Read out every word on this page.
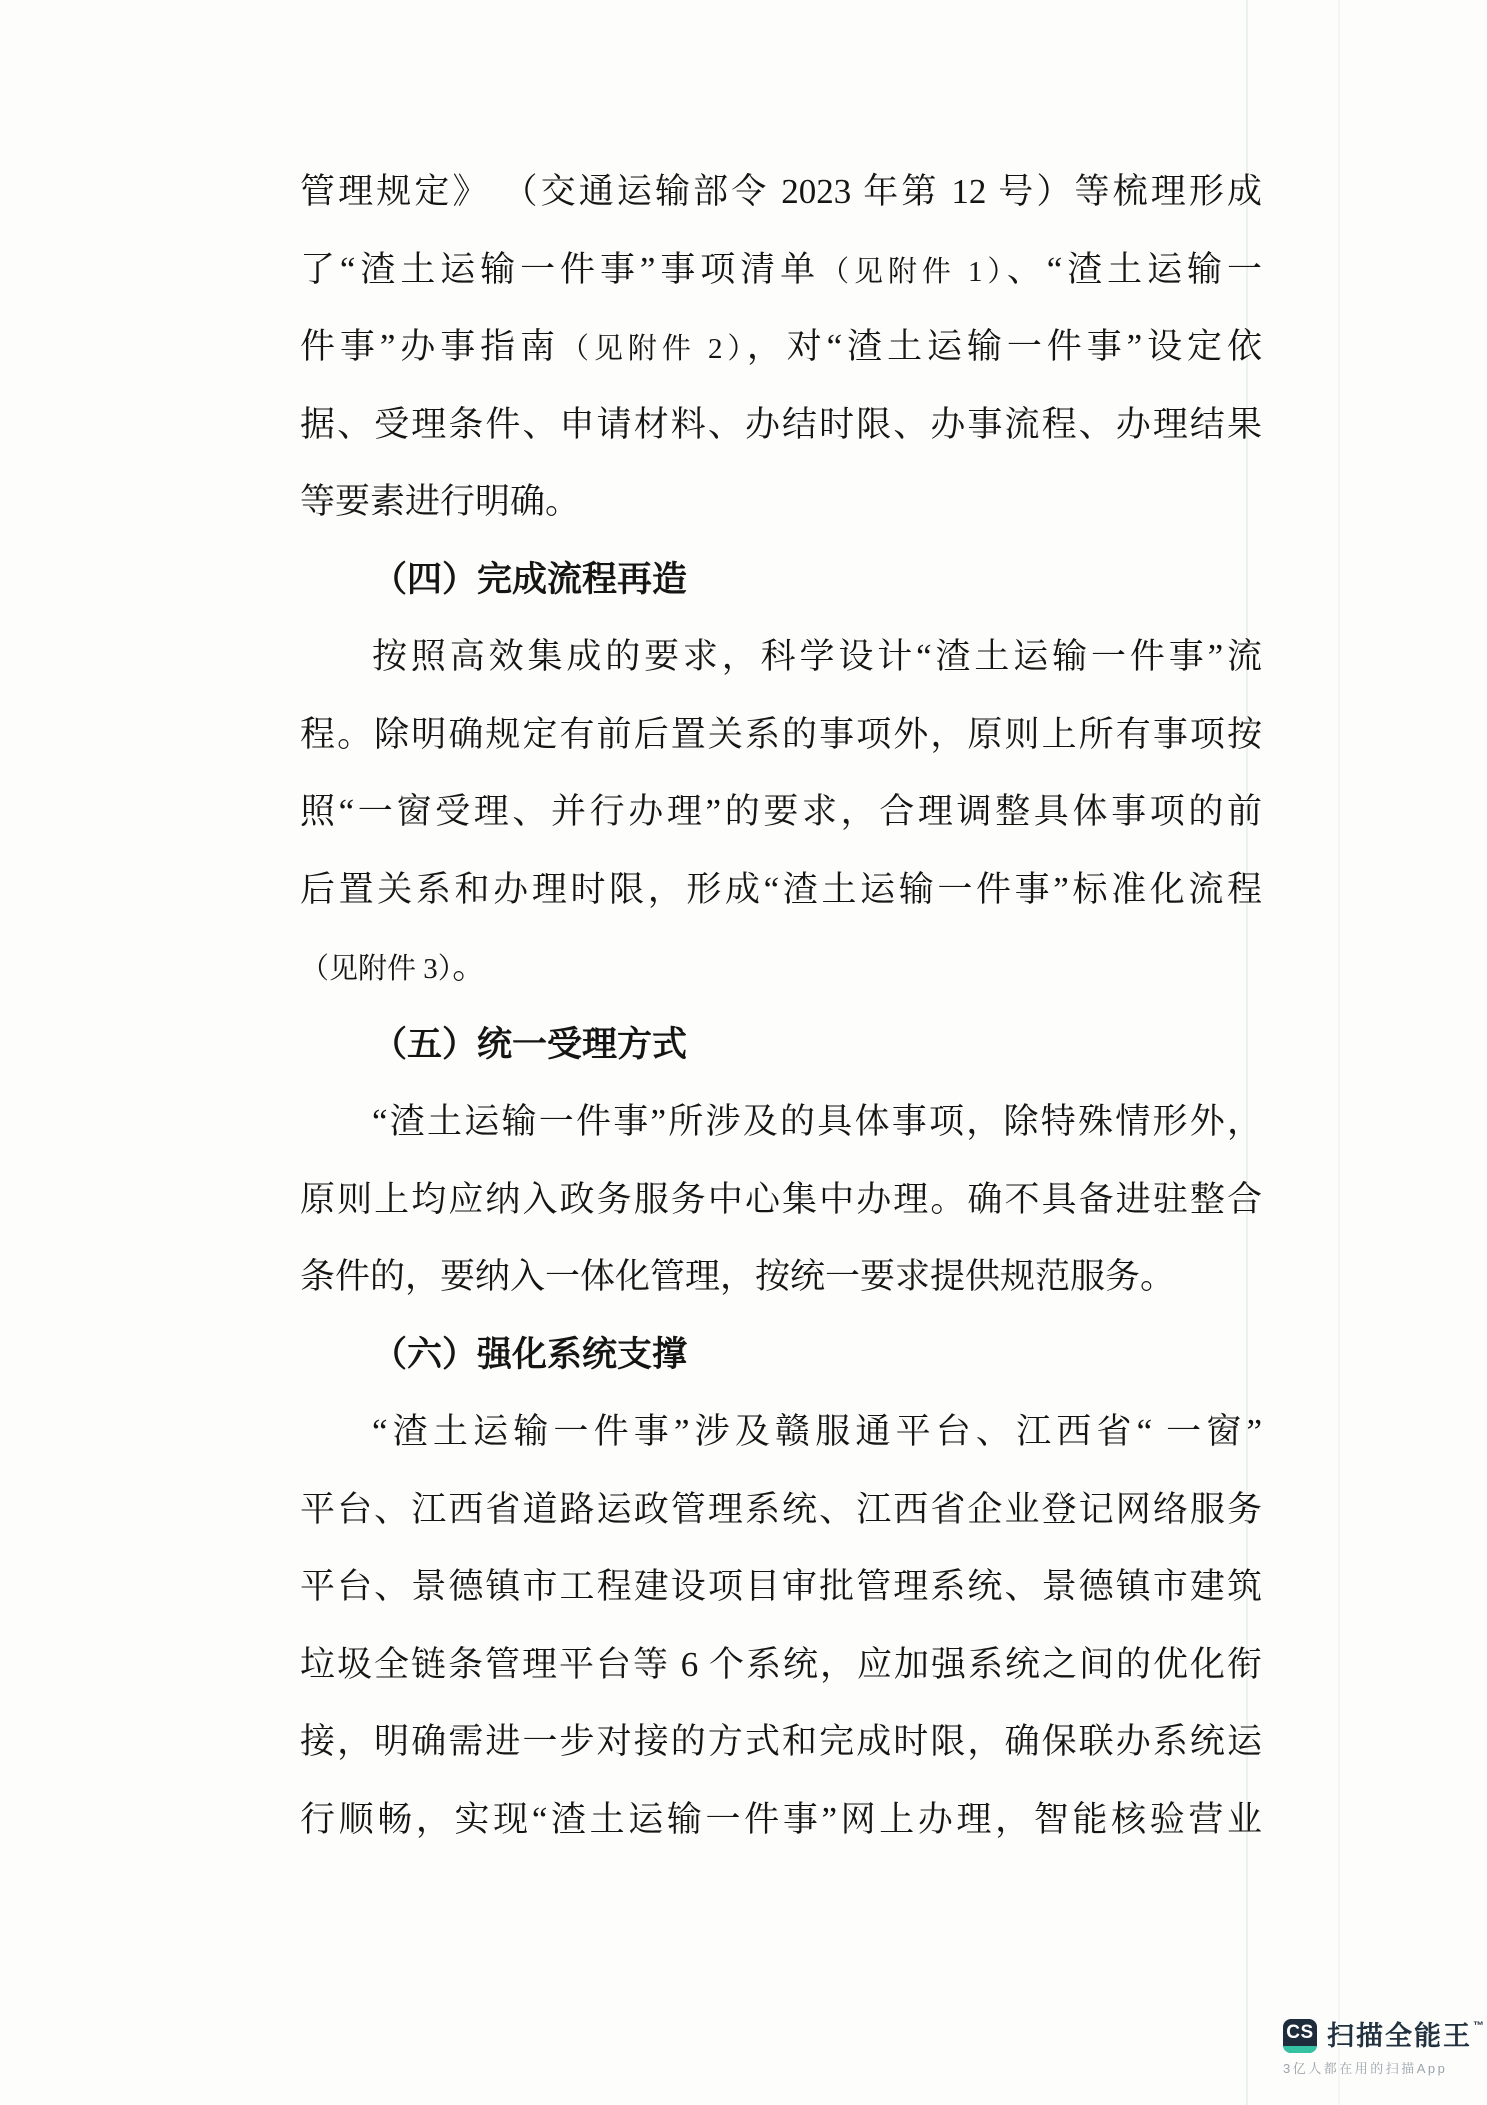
管理规定》 （交通运输部令 2023 年第 12 号）等梳理形成
了“渣土运输一件事”事项清单（见附件 1）、“渣土运输一
件事”办事指南（见附件 2），对“渣土运输一件事”设定依
据、受理条件、申请材料、办结时限、办事流程、办理结果
等要素进行明确。
（四）完成流程再造
按照高效集成的要求，科学设计“渣土运输一件事”流
程。除明确规定有前后置关系的事项外，原则上所有事项按
照“一窗受理、并行办理”的要求，合理调整具体事项的前
后置关系和办理时限，形成“渣土运输一件事”标准化流程
（见附件 3）。
（五）统一受理方式
“渣土运输一件事”所涉及的具体事项，除特殊情形外，
原则上均应纳入政务服务中心集中办理。确不具备进驻整合
条件的，要纳入一体化管理，按统一要求提供规范服务。
（六）强化系统支撑
“渣土运输一件事”涉及赣服通平台、江西省“ 一窗”
平台、江西省道路运政管理系统、江西省企业登记网络服务
平台、景德镇市工程建设项目审批管理系统、景德镇市建筑
垃圾全链条管理平台等 6 个系统，应加强系统之间的优化衔
接，明确需进一步对接的方式和完成时限，确保联办系统运
行顺畅，实现“渣土运输一件事”网上办理，智能核验营业
CS 扫描全能王 ™
3亿人都在用的扫描App
